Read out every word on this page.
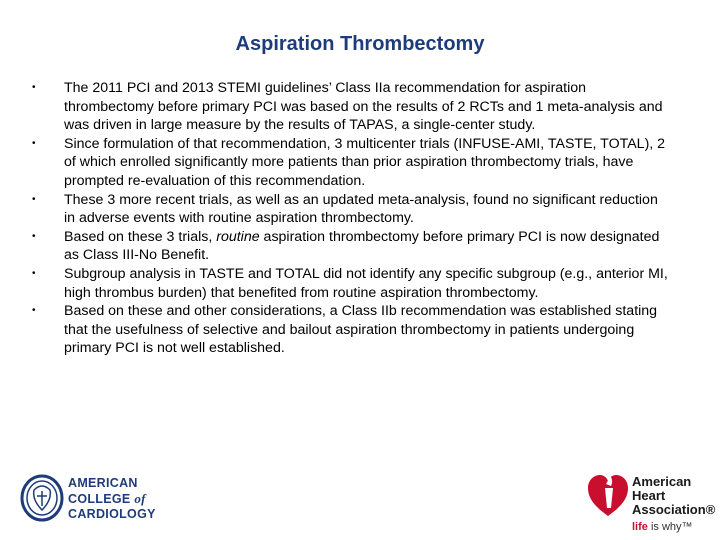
Aspiration Thrombectomy
• The 2011 PCI and 2013 STEMI guidelines’ Class IIa recommendation for aspiration thrombectomy before primary PCI was based on the results of 2 RCTs and 1 meta-analysis and was driven in large measure by the results of TAPAS, a single-center study.
• Since formulation of that recommendation, 3 multicenter trials (INFUSE-AMI, TASTE, TOTAL), 2 of which enrolled significantly more patients than prior aspiration thrombectomy trials, have prompted re-evaluation of this recommendation.
• These 3 more recent trials, as well as an updated meta-analysis, found no significant reduction in adverse events with routine aspiration thrombectomy.
• Based on these 3 trials, routine aspiration thrombectomy before primary PCI is now designated as Class III-No Benefit.
• Subgroup analysis in TASTE and TOTAL did not identify any specific subgroup (e.g., anterior MI, high thrombus burden) that benefited from routine aspiration thrombectomy.
• Based on these and other considerations, a Class IIb recommendation was established stating that the usefulness of selective and bailout aspiration thrombectomy in patients undergoing primary PCI is not well established.
AMERICAN
COLLEGE of
CARDIOLOGY
American
Heart
Association®
life is why™
